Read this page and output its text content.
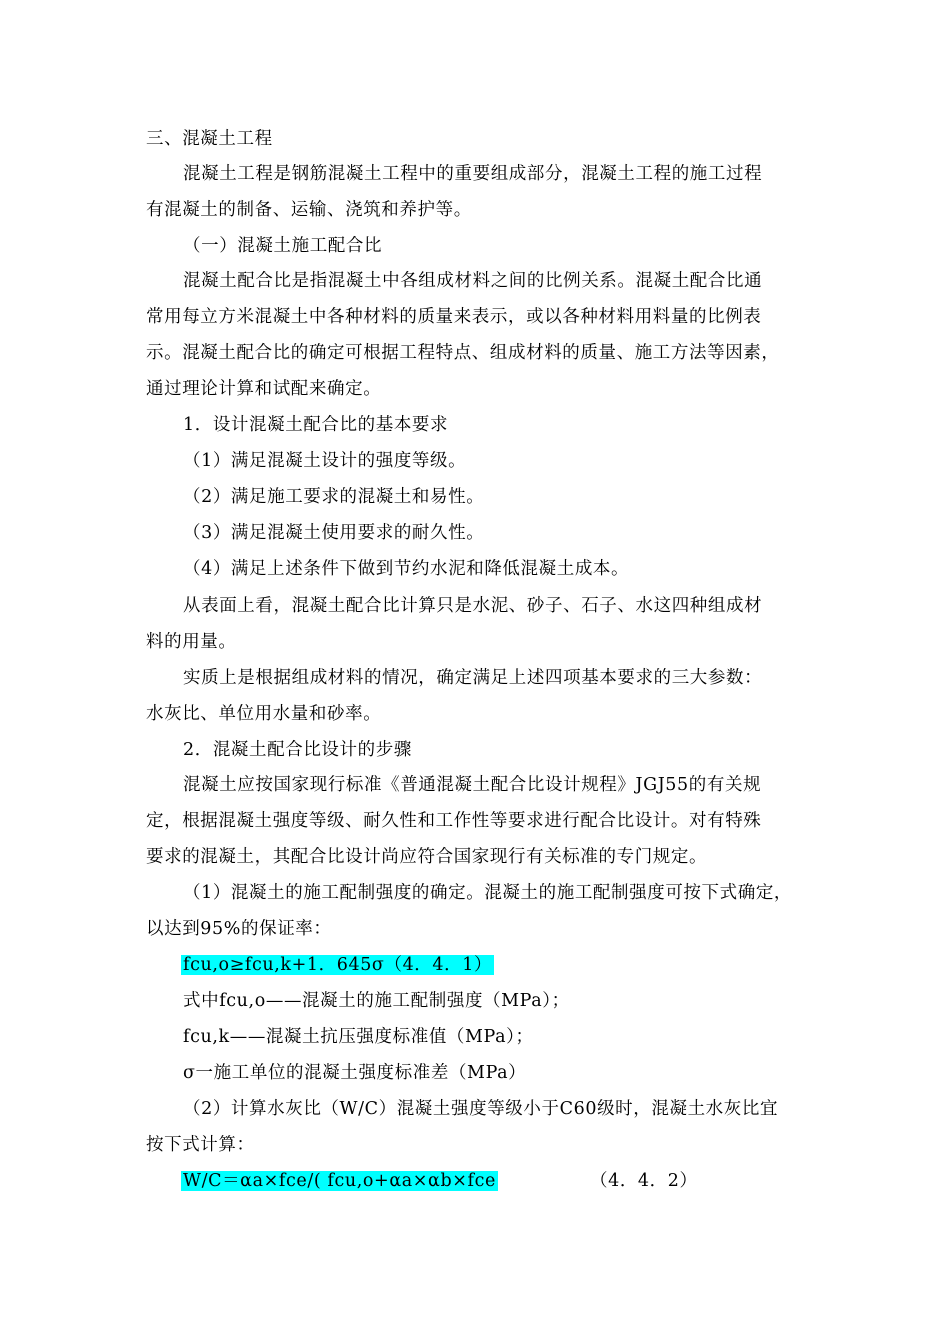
三、混凝土工程
混凝土工程是钢筋混凝土工程中的重要组成部分，混凝土工程的施工过程
有混凝土的制备、运输、浇筑和养护等。
（一）混凝土施工配合比
混凝土配合比是指混凝土中各组成材料之间的比例关系。混凝土配合比通
常用每立方米混凝土中各种材料的质量来表示，或以各种材料用料量的比例表
示。混凝土配合比的确定可根据工程特点、组成材料的质量、施工方法等因素，
通过理论计算和试配来确定。
1．设计混凝土配合比的基本要求
（1）满足混凝土设计的强度等级。
（2）满足施工要求的混凝土和易性。
（3）满足混凝土使用要求的耐久性。
（4）满足上述条件下做到节约水泥和降低混凝土成本。
从表面上看，混凝土配合比计算只是水泥、砂子、石子、水这四种组成材
料的用量。
实质上是根据组成材料的情况，确定满足上述四项基本要求的三大参数：
水灰比、单位用水量和砂率。
2．混凝土配合比设计的步骤
混凝土应按国家现行标准《普通混凝土配合比设计规程》JGJ55的有关规
定，根据混凝土强度等级、耐久性和工作性等要求进行配合比设计。对有特殊
要求的混凝土，其配合比设计尚应符合国家现行有关标准的专门规定。
（1）混凝土的施工配制强度的确定。混凝土的施工配制强度可按下式确定，
以达到95%的保证率：
fcu,o≥fcu,k+1．645σ（4．4．1）
式中fcu,o——混凝土的施工配制强度（MPa）；
fcu,k——混凝土抗压强度标准值（MPa）；
σ一施工单位的混凝土强度标准差（MPa）
（2）计算水灰比（W/C）混凝土强度等级小于C60级时，混凝土水灰比宜
按下式计算：
W/C＝αa×fce/( fcu,o+αa×αb×fce	（4．4．2）
